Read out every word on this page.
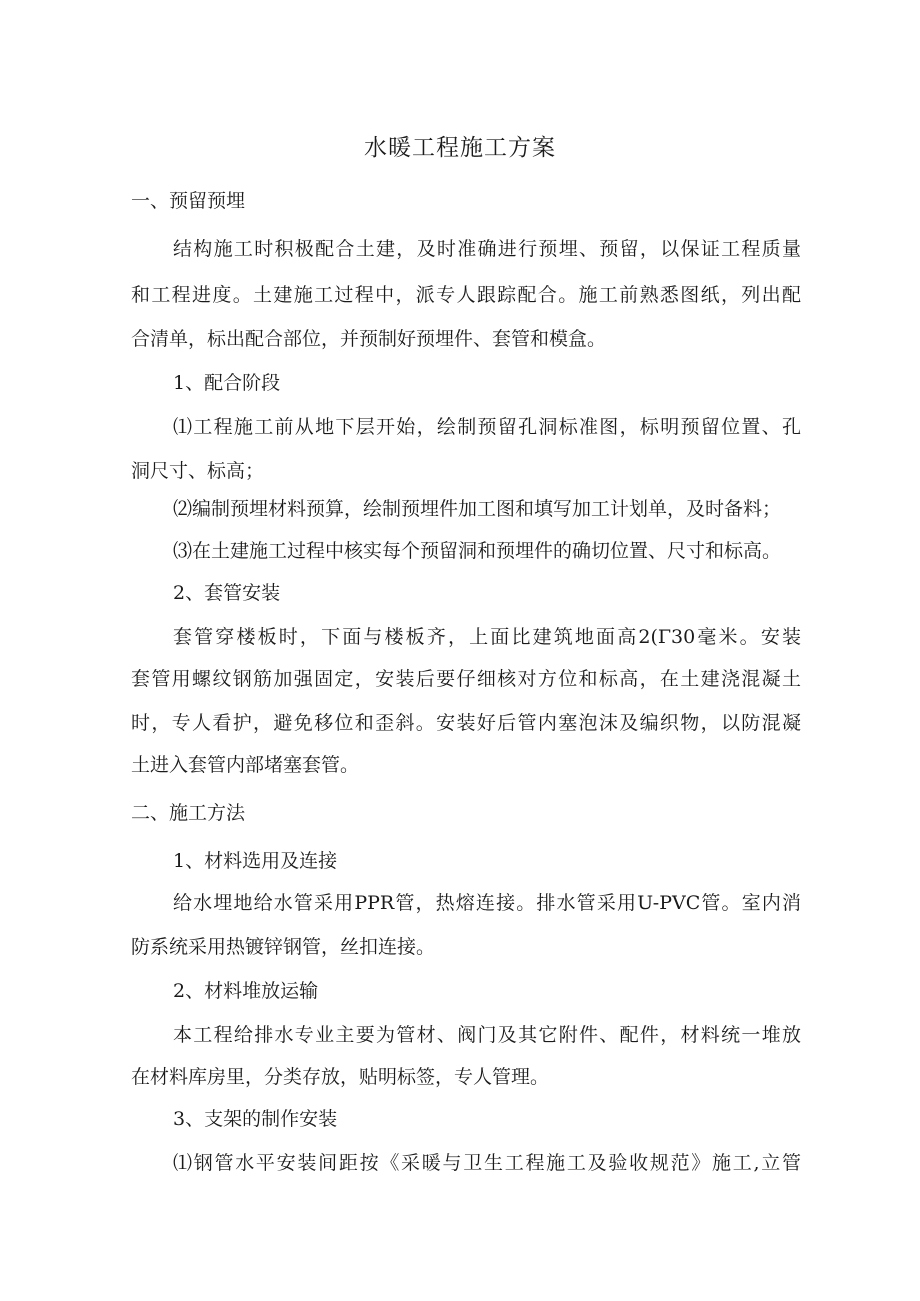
水暖工程施工方案
一、预留预埋
结构施工时积极配合土建，及时准确进行预埋、预留，以保证工程质量
和工程进度。土建施工过程中，派专人跟踪配合。施工前熟悉图纸，列出配
合清单，标出配合部位，并预制好预埋件、套管和模盒。
1、配合阶段
⑴工程施工前从地下层开始，绘制预留孔洞标准图，标明预留位置、孔
洞尺寸、标高；
⑵编制预埋材料预算，绘制预埋件加工图和填写加工计划单，及时备料；
⑶在土建施工过程中核实每个预留洞和预埋件的确切位置、尺寸和标高。
2、套管安装
套管穿楼板时，下面与楼板齐，上面比建筑地面高2(Γ30毫米。安装
套管用螺纹钢筋加强固定，安装后要仔细核对方位和标高，在土建浇混凝土
时，专人看护，避免移位和歪斜。安装好后管内塞泡沫及编织物，以防混凝
土进入套管内部堵塞套管。
二、施工方法
1、材料选用及连接
给水埋地给水管采用PPR管，热熔连接。排水管采用U-PVC管。室内消
防系统采用热镀锌钢管，丝扣连接。
2、材料堆放运输
本工程给排水专业主要为管材、阀门及其它附件、配件，材料统一堆放
在材料库房里，分类存放，贴明标签，专人管理。
3、支架的制作安装
⑴钢管水平安装间距按《采暖与卫生工程施工及验收规范》施工,立管
